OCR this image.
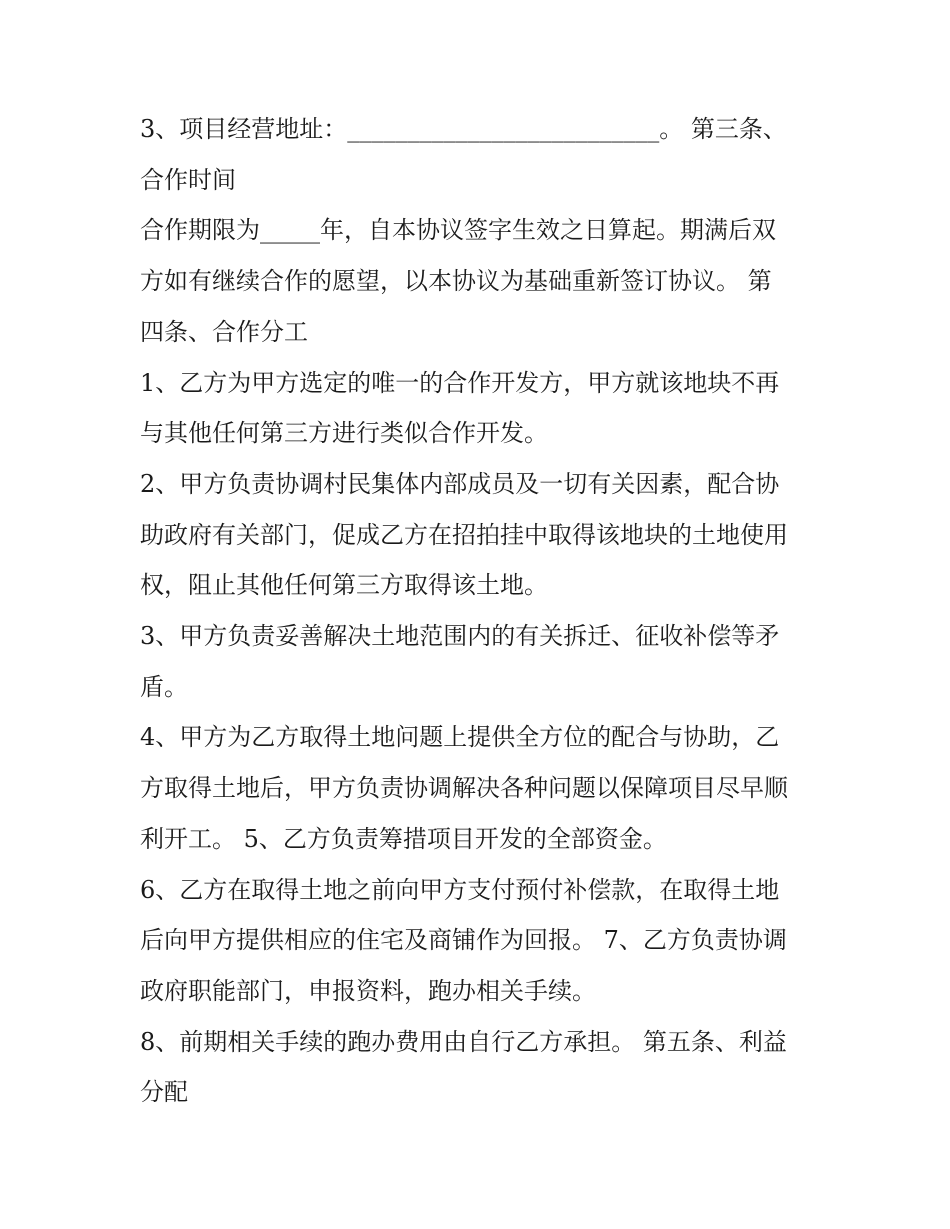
3、项目经营地址：__________________________。 第三条、
合作时间
合作期限为_____年，自本协议签字生效之日算起。期满后双
方如有继续合作的愿望，以本协议为基础重新签订协议。 第
四条、合作分工
1、乙方为甲方选定的唯一的合作开发方，甲方就该地块不再
与其他任何第三方进行类似合作开发。
2、甲方负责协调村民集体内部成员及一切有关因素，配合协
助政府有关部门，促成乙方在招拍挂中取得该地块的土地使用
权，阻止其他任何第三方取得该土地。
3、甲方负责妥善解决土地范围内的有关拆迁、征收补偿等矛
盾。
4、甲方为乙方取得土地问题上提供全方位的配合与协助，乙
方取得土地后，甲方负责协调解决各种问题以保障项目尽早顺
利开工。 5、乙方负责筹措项目开发的全部资金。
6、乙方在取得土地之前向甲方支付预付补偿款，在取得土地
后向甲方提供相应的住宅及商铺作为回报。 7、乙方负责协调
政府职能部门，申报资料，跑办相关手续。
8、前期相关手续的跑办费用由自行乙方承担。 第五条、利益
分配
